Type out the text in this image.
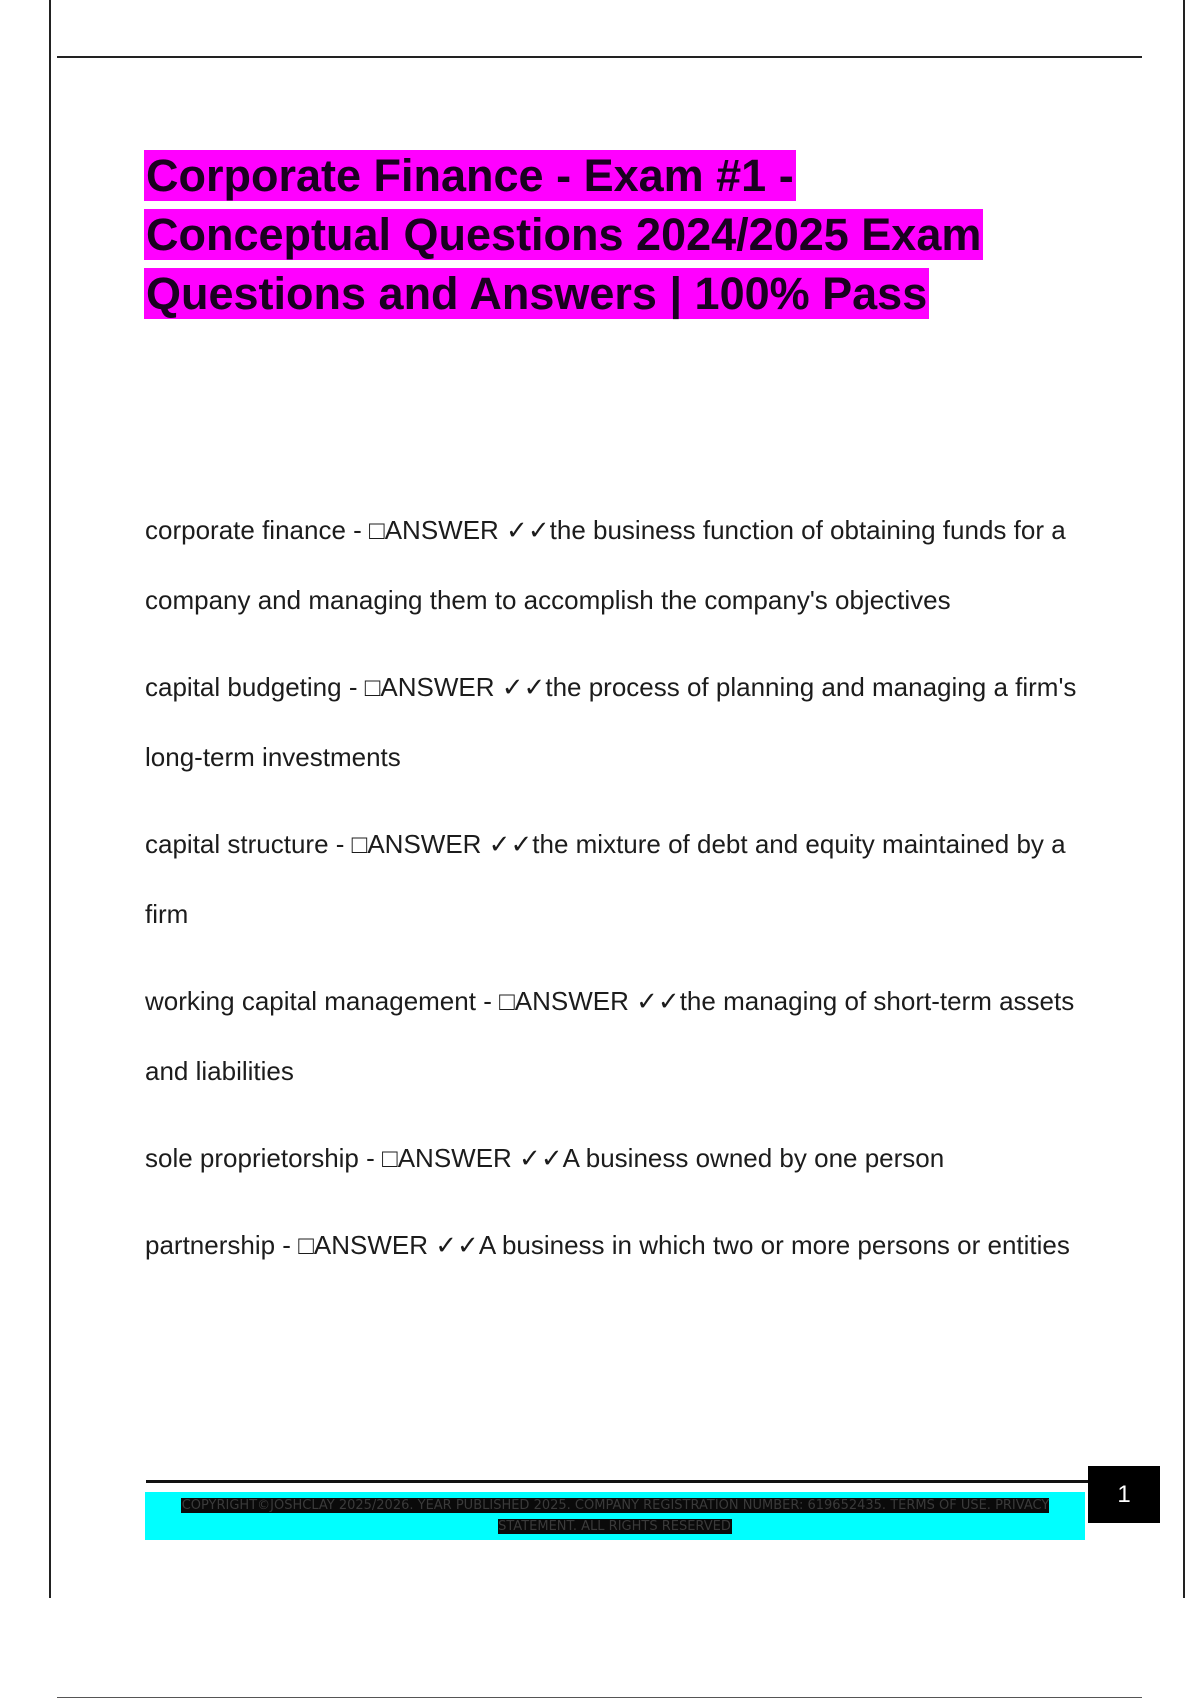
Corporate Finance - Exam #1 -
Conceptual Questions 2024/2025 Exam
Questions and Answers | 100% Pass

corporate finance - □ANSWER ✓✓the business function of obtaining funds for a company and managing them to accomplish the company's objectives

capital budgeting - □ANSWER ✓✓the process of planning and managing a firm's long-term investments

capital structure - □ANSWER ✓✓the mixture of debt and equity maintained by a firm

working capital management - □ANSWER ✓✓the managing of short-term assets and liabilities

sole proprietorship - □ANSWER ✓✓A business owned by one person

partnership - □ANSWER ✓✓A business in which two or more persons or entities

COPYRIGHT©JOSHCLAY 2025/2026. YEAR PUBLISHED 2025. COMPANY REGISTRATION NUMBER: 619652435. TERMS OF USE. PRIVACY STATEMENT. ALL RIGHTS RESERVED
1
